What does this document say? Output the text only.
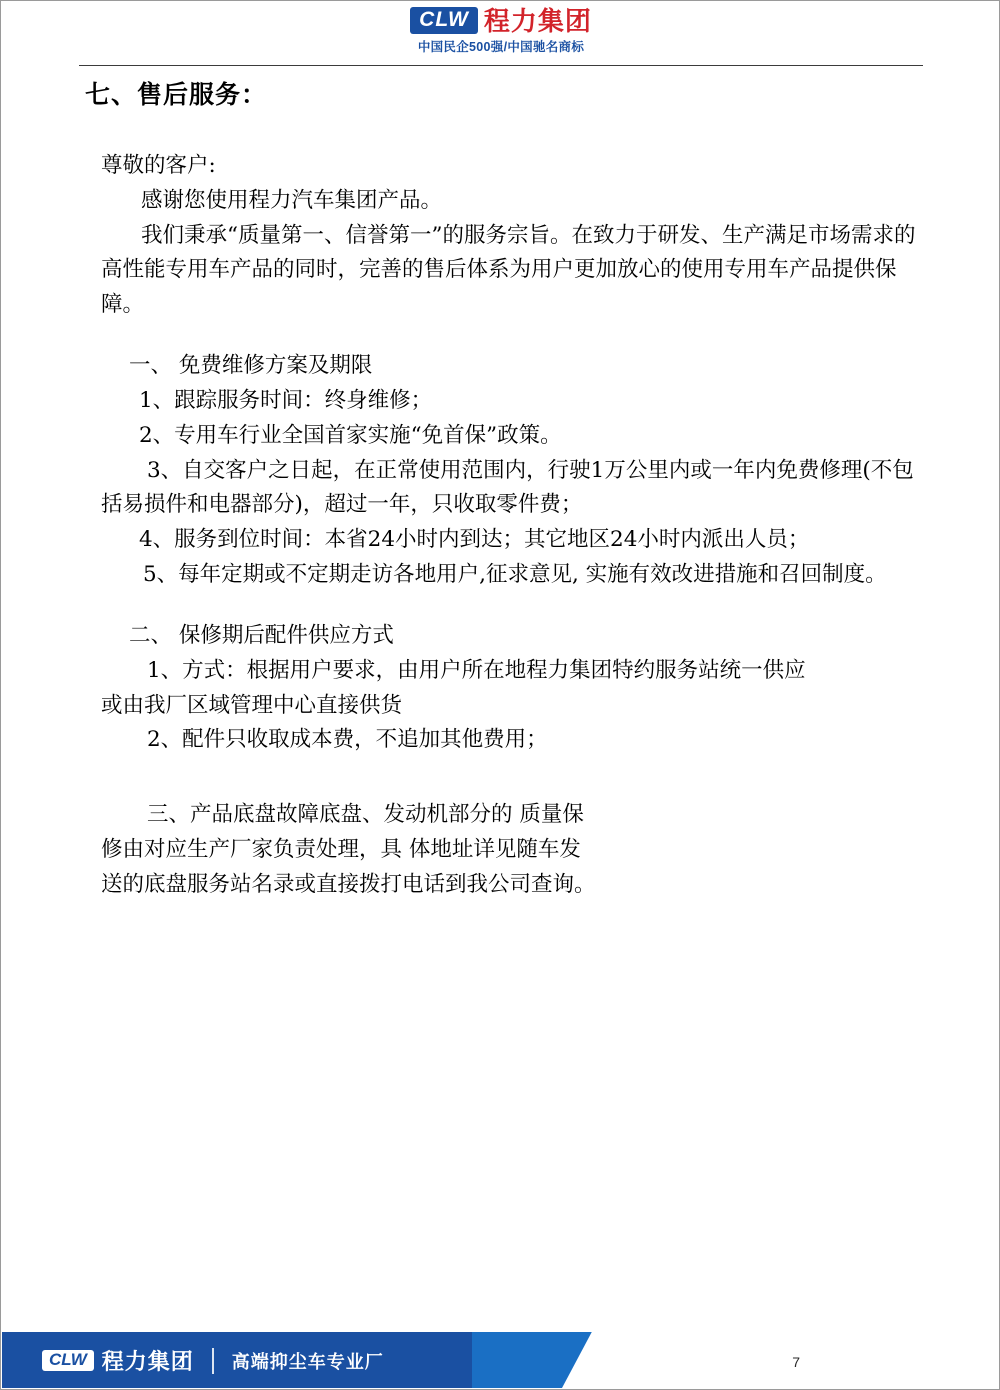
CLW 程力集团
中国民企500强/中国驰名商标
七、售后服务：
尊敬的客户:
感谢您使用程力汽车集团产品。
我们秉承“质量第一、信誉第一”的服务宗旨。在致力于研发、生产满足市场需求的高性能专用车产品的同时，完善的售后体系为用户更加放心的使用专用车产品提供保障。
一、 免费维修方案及期限
1、跟踪服务时间：终身维修；
2、专用车行业全国首家实施“免首保”政策。
3、自交客户之日起，在正常使用范围内，行驶1万公里内或一年内免费修理(不包括易损件和电器部分)，超过一年，只收取零件费；
4、服务到位时间：本省24小时内到达；其它地区24小时内派出人员；
5、每年定期或不定期走访各地用户,征求意见, 实施有效改进措施和召回制度。
二、 保修期后配件供应方式
1、方式：根据用户要求，由用户所在地程力集团特约服务站统一供应或由我厂区域管理中心直接供货
2、配件只收取成本费，不追加其他费用；
三、产品底盘故障底盘、发动机部分的 质量保修由对应生产厂家负责处理，具 体地址详见随车发送的底盘服务站名录或直接拨打电话到我公司查询。
CLW 程力集团 高端抑尘车专业厂	7
